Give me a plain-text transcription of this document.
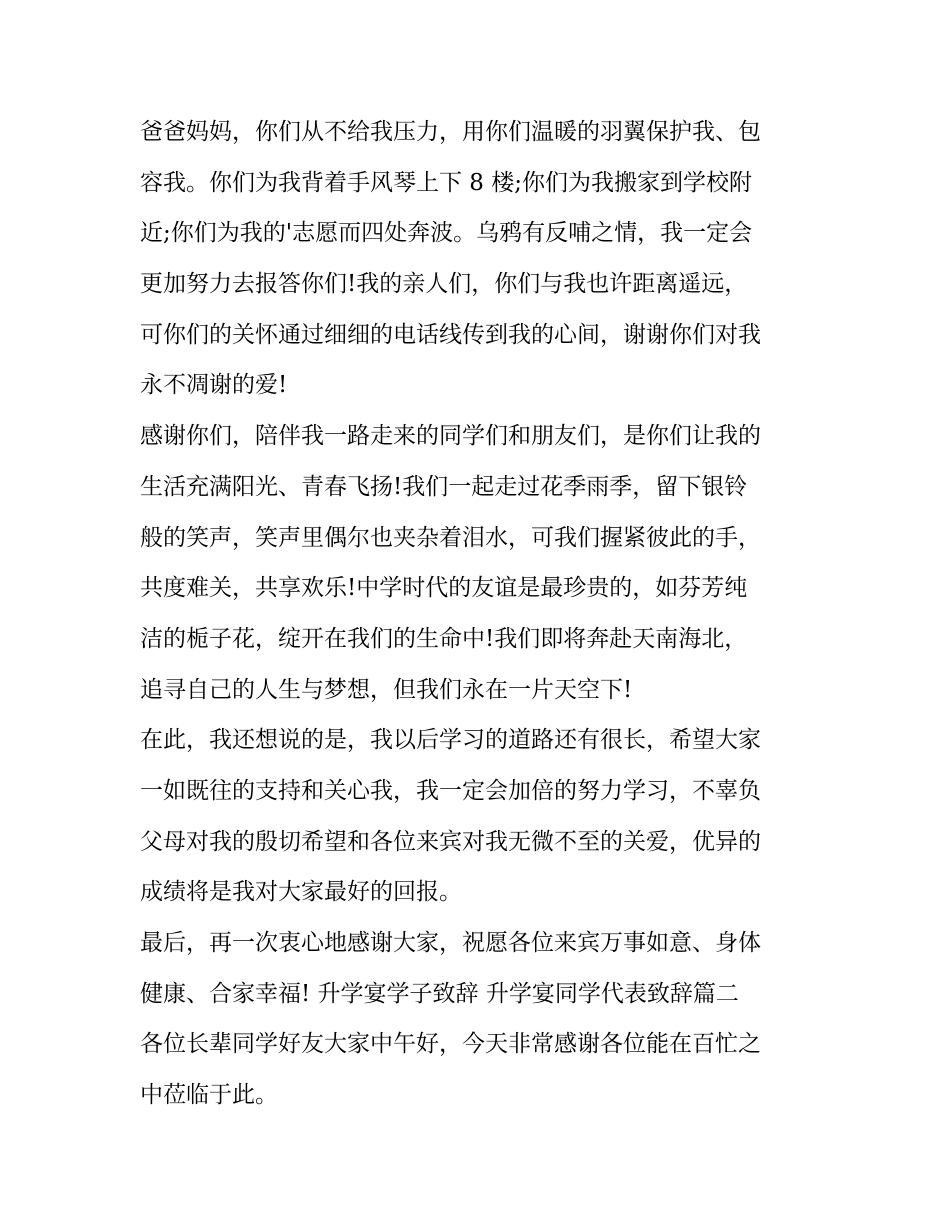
爸爸妈妈，你们从不给我压力，用你们温暖的羽翼保护我、包
容我。你们为我背着手风琴上下 8 楼;你们为我搬家到学校附
近;你们为我的'志愿而四处奔波。乌鸦有反哺之情，我一定会
更加努力去报答你们!我的亲人们，你们与我也许距离遥远，
可你们的关怀通过细细的电话线传到我的心间，谢谢你们对我
永不凋谢的爱!
感谢你们，陪伴我一路走来的同学们和朋友们，是你们让我的
生活充满阳光、青春飞扬!我们一起走过花季雨季，留下银铃
般的笑声，笑声里偶尔也夹杂着泪水，可我们握紧彼此的手，
共度难关，共享欢乐!中学时代的友谊是最珍贵的，如芬芳纯
洁的栀子花，绽开在我们的生命中!我们即将奔赴天南海北，
追寻自己的人生与梦想，但我们永在一片天空下!
在此，我还想说的是，我以后学习的道路还有很长，希望大家
一如既往的支持和关心我，我一定会加倍的努力学习，不辜负
父母对我的殷切希望和各位来宾对我无微不至的关爱，优异的
成绩将是我对大家最好的回报。
最后，再一次衷心地感谢大家，祝愿各位来宾万事如意、身体
健康、合家幸福! 升学宴学子致辞 升学宴同学代表致辞篇二
各位长辈同学好友大家中午好，今天非常感谢各位能在百忙之
中莅临于此。
